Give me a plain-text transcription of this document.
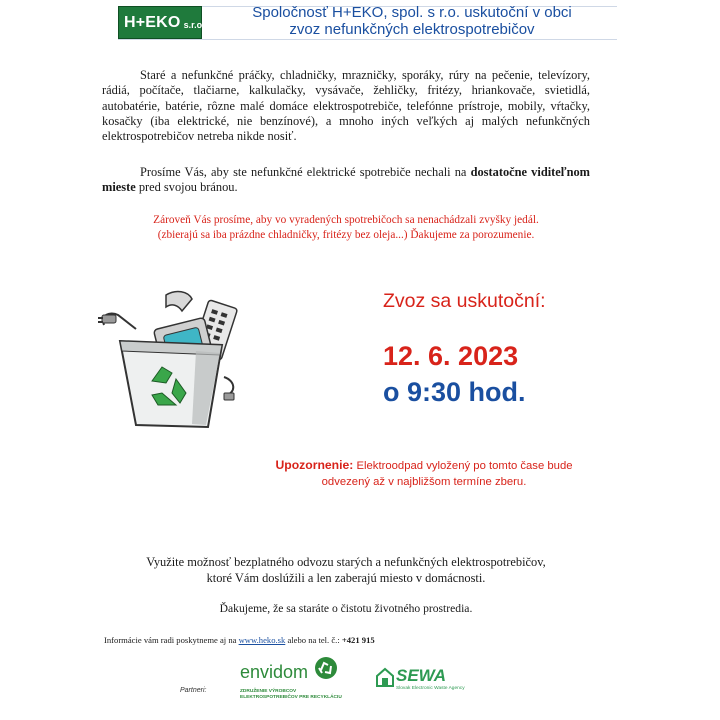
H+EKO s.r.o.
Spoločnosť H+EKO, spol. s r.o. uskutoční v obci
zvoz nefunkčných elektrospotrebičov
Staré a nefunkčné práčky, chladničky, mrazničky, sporáky, rúry na pečenie, televízory, rádiá, počítače, tlačiarne, kalkulačky, vysávače, žehličky, fritézy, hriankovače, svietidlá, autobatérie, batérie, rôzne malé domáce elektrospotrebiče, telefónne prístroje, mobily, vŕtačky, kosačky (iba elektrické, nie benzínové), a mnoho iných veľkých aj malých nefunkčných elektrospotrebičov netreba nikde nosiť.
Prosíme Vás, aby ste nefunkčné elektrické spotrebiče nechali na dostatočne viditeľnom mieste pred svojou bránou.
Zároveň Vás prosíme, aby vo vyradených spotrebičoch sa nenachádzali zvyšky jedál.
(zbierajú sa iba prázdne chladničky, fritézy bez oleja...) Ďakujeme za porozumenie.
Zvoz sa uskutoční:
12. 6. 2023
o 9:30 hod.
Upozornenie: Elektroodpad vyložený po tomto čase bude odvezený až v najbližšom termíne zberu.
Využite možnosť bezplatného odvozu starých a nefunkčných elektrospotrebičov,
ktoré Vám doslúžili a len zaberajú miesto v domácnosti.
Ďakujeme, že sa staráte o čistotu životného prostredia.
Informácie vám radi poskytneme aj na www.heko.sk alebo na tel. č.: +421 915
Partneri:
envidom
ZDRUŽENIE VÝROBCOV
ELEKTROSPOTREBIČOV PRE RECYKLÁCIU
SEWA
Slovak Electronic Waste Agency
